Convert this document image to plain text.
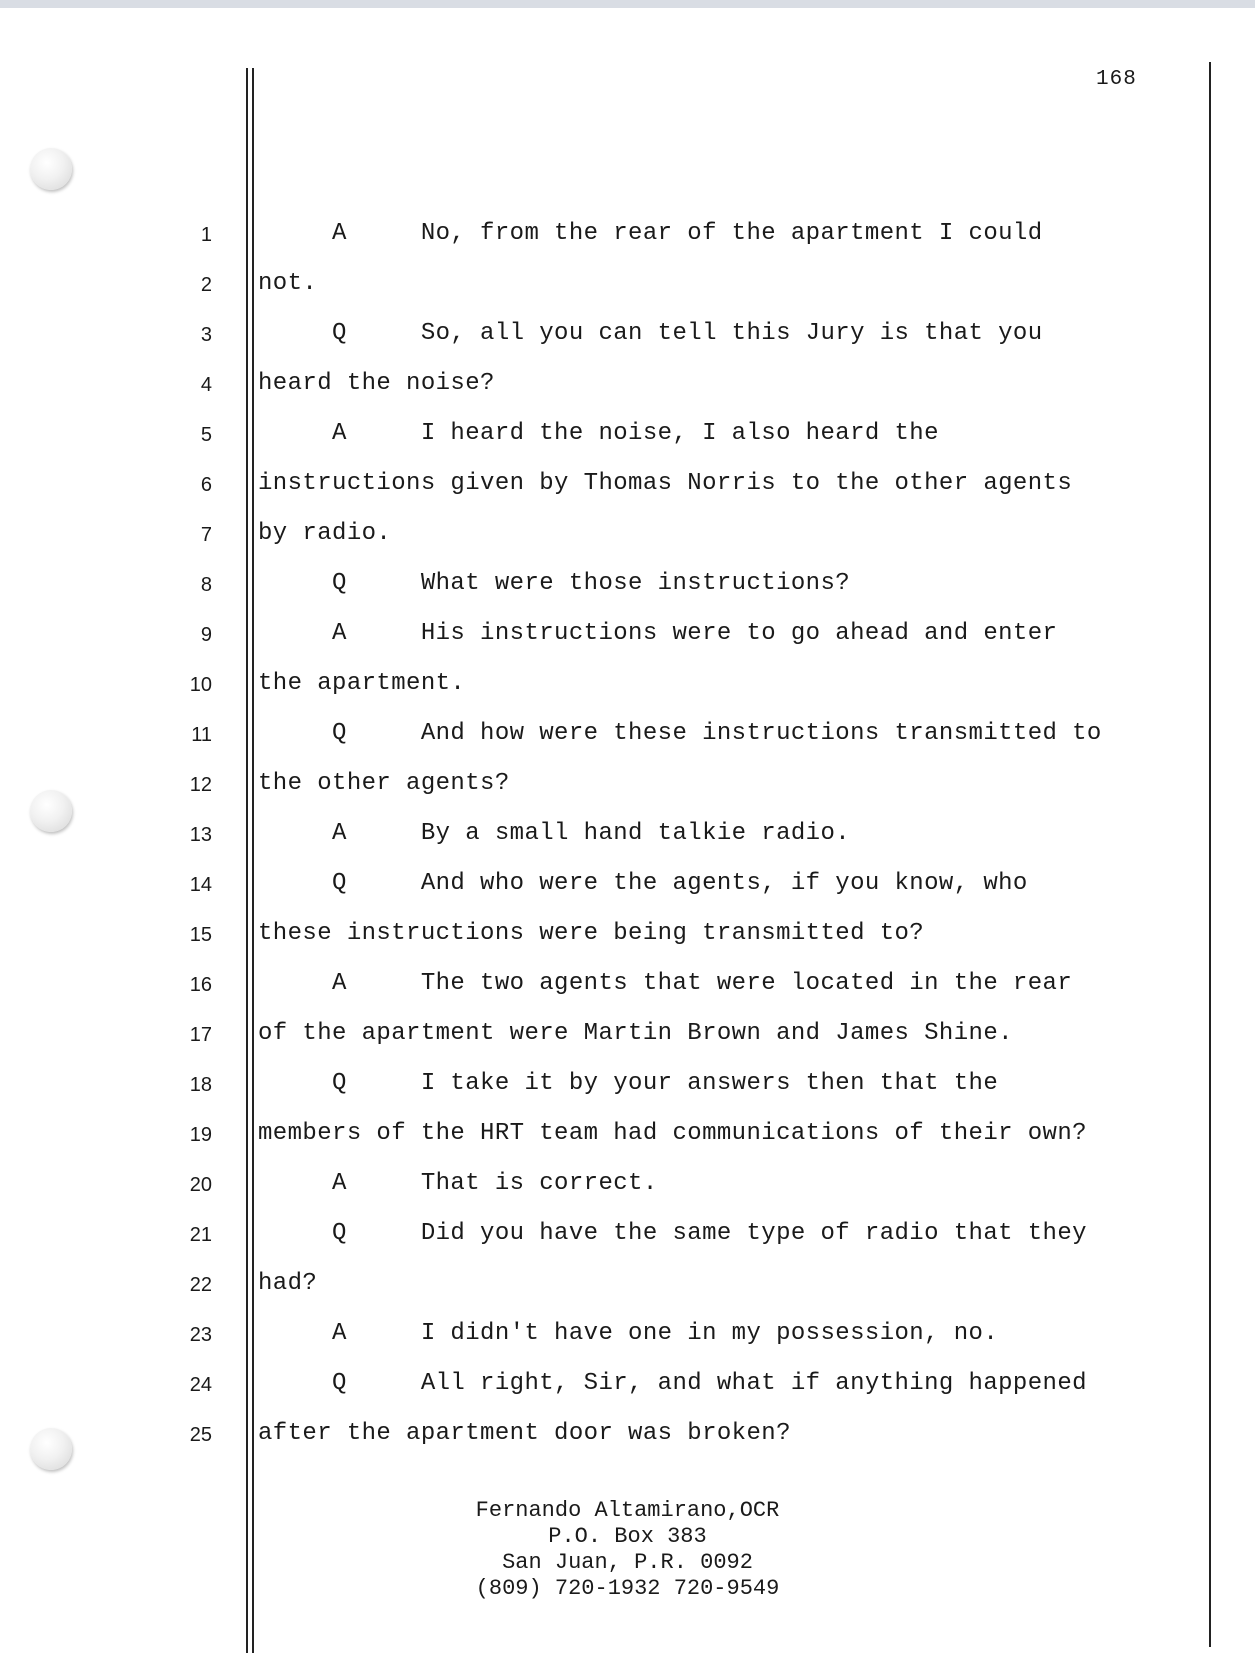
168
1 A     No, from the rear of the apartment I could
2 not.
3 Q     So, all you can tell this Jury is that you
4 heard the noise?
5 A     I heard the noise, I also heard the
6 instructions given by Thomas Norris to the other agents
7 by radio.
8 Q     What were those instructions?
9 A     His instructions were to go ahead and enter
10 the apartment.
11 Q     And how were these instructions transmitted to
12 the other agents?
13 A     By a small hand talkie radio.
14 Q     And who were the agents, if you know, who
15 these instructions were being transmitted to?
16 A     The two agents that were located in the rear
17 of the apartment were Martin Brown and James Shine.
18 Q     I take it by your answers then that the
19 members of the HRT team had communications of their own?
20 A     That is correct.
21 Q     Did you have the same type of radio that they
22 had?
23 A     I didn't have one in my possession, no.
24 Q     All right, Sir, and what if anything happened
25 after the apartment door was broken?
Fernando Altamirano,OCR
P.O. Box 383
San Juan, P.R. 0092
(809) 720-1932 720-9549
